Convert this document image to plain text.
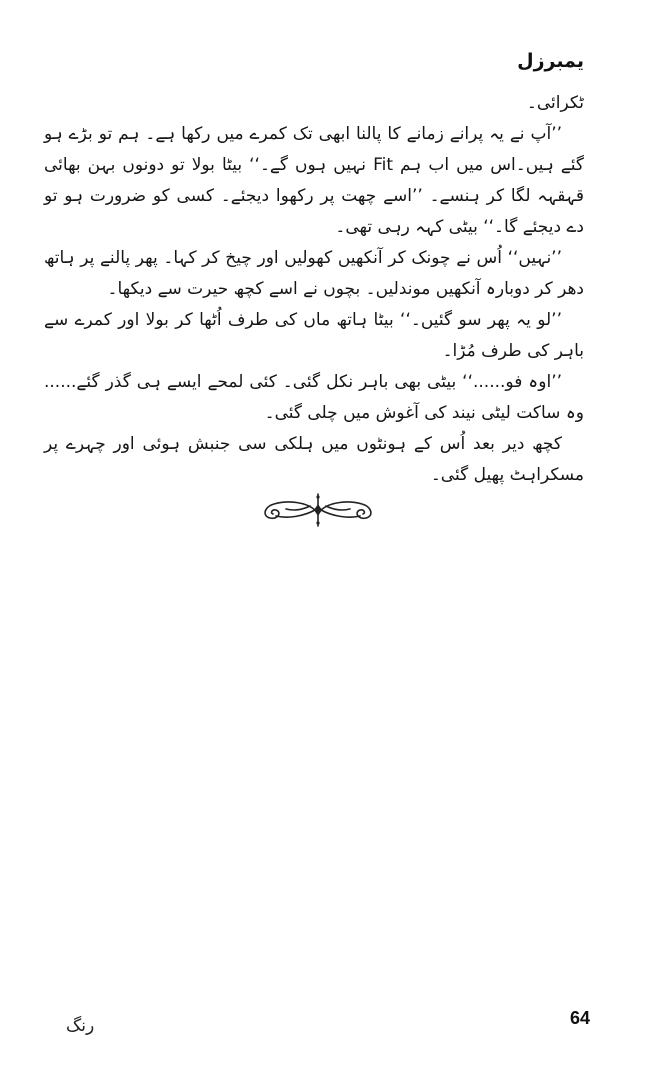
یمبرزل

ٹکرائی۔

’’آپ نے یہ پرانے زمانے کا پالنا ابھی تک کمرے میں رکھا ہے۔ ہم تو بڑے ہو گئے ہیں۔اس میں اب ہم Fit نہیں ہوں گے۔‘‘ بیٹا بولا تو دونوں بہن بھائی قہقہہ لگا کر ہنسے۔ ’’اسے چھت پر رکھوا دیجئے۔ کسی کو ضرورت ہو تو دے دیجئے گا۔‘‘ بیٹی کہہ رہی تھی۔

’’نہیں‘‘ اُس نے چونک کر آنکھیں کھولیں اور چیخ کر کہا۔ پھر پالنے پر ہاتھ دھر کر دوبارہ آنکھیں موندلیں۔ بچوں نے اسے کچھ حیرت سے دیکھا۔

’’لو یہ پھر سو گئیں۔‘‘ بیٹا ہاتھ ماں کی طرف اُٹھا کر بولا اور کمرے سے باہر کی طرف مُڑا۔

’’اوہ فو......‘‘ بیٹی بھی باہر نکل گئی۔ کئی لمحے ایسے ہی گذر گئے...... وہ ساکت لیٹی نیند کی آغوش میں چلی گئی۔

کچھ دیر بعد اُس کے ہونٹوں میں ہلکی سی جنبش ہوئی اور چہرے پر مسکراہٹ پھیل گئی۔

64
رنگ
